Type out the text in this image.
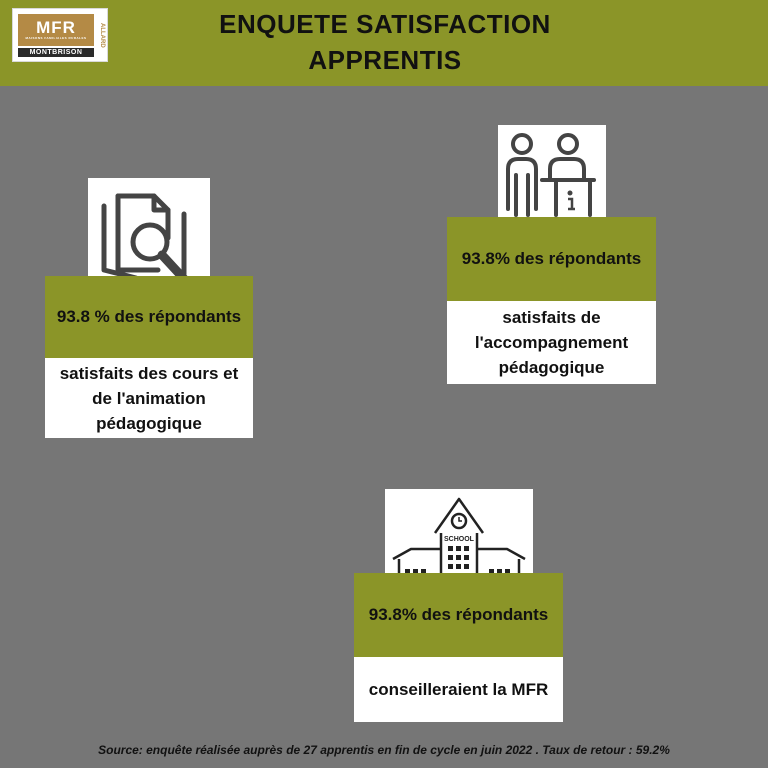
MFR
MAISONS FAMILIALES RURALES
MONTBRISON
ALLARD	ENQUETE SATISFACTION
APPRENTIS
93.8 % des répondants
satisfaits des cours et
de l'animation
pédagogique
93.8% des répondants
satisfaits de
l'accompagnement
pédagogique
SCHOOL
93.8% des répondants
conseilleraient la MFR
Source: enquête réalisée auprès de 27 apprentis en fin de cycle en juin 2022 . Taux de retour : 59.2%
